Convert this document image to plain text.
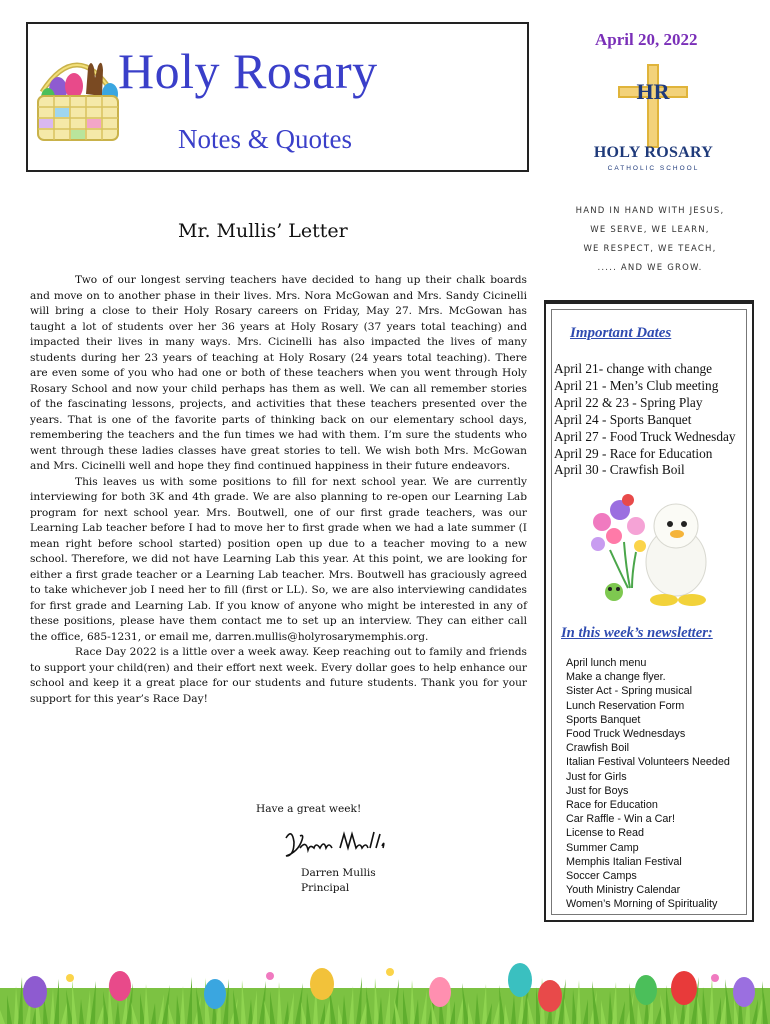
Holy Rosary
Notes & Quotes
April 20, 2022
HR
HOLY ROSARY
CATHOLIC SCHOOL
HAND IN HAND WITH JESUS,
WE SERVE, WE LEARN,
WE RESPECT, WE TEACH,
..... AND WE GROW.
Mr. Mullis’ Letter

Two of our longest serving teachers have decided to hang up their chalk boards and move on to another phase in their lives. Mrs. Nora McGowan and Mrs. Sandy Cicinelli will bring a close to their Holy Rosary careers on Friday, May 27. Mrs. McGowan has taught a lot of students over her 36 years at Holy Rosary (37 years total teaching) and impacted their lives in many ways. Mrs. Cicinelli has also impacted the lives of many students during her 23 years of teaching at Holy Rosary (24 years total teaching). There are even some of you who had one or both of these teachers when you went through Holy Rosary School and now your child perhaps has them as well. We can all remember stories of the fascinating lessons, projects, and activities that these teachers presented over the years. That is one of the favorite parts of thinking back on our elementary school days, remembering the teachers and the fun times we had with them. I’m sure the students who went through these ladies classes have great stories to tell. We wish both Mrs. McGowan and Mrs. Cicinelli well and hope they find continued happiness in their future endeavors.

This leaves us with some positions to fill for next school year. We are currently interviewing for both 3K and 4th grade. We are also planning to re-open our Learning Lab program for next school year. Mrs. Boutwell, one of our first grade teachers, was our Learning Lab teacher before I had to move her to first grade when we had a late summer (I mean right before school started) position open up due to a teacher moving to a new school. Therefore, we did not have Learning Lab this year. At this point, we are looking for either a first grade teacher or a Learning Lab teacher. Mrs. Boutwell has graciously agreed to take whichever job I need her to fill (first or LL). So, we are also interviewing candidates for first grade and Learning Lab. If you know of anyone who might be interested in any of these positions, please have them contact me to set up an interview. They can either call the office, 685-1231, or email me, darren.mullis@holyrosarymemphis.org.

Race Day 2022 is a little over a week away. Keep reaching out to family and friends to support your child(ren) and their effort next week. Every dollar goes to help enhance our school and keep it a great place for our students and future students. Thank you for your support for this year’s Race Day!

Have a great week!
Darren Mullis
Principal
Important Dates
April 21- change with change
April 21 - Men’s Club meeting
April 22 & 23 - Spring Play
April 24 - Sports Banquet
April 27 - Food Truck Wednesday
April 29 - Race for Education
April 30 - Crawfish Boil
In this week’s newsletter:
April lunch menu
Make a change flyer.
Sister Act - Spring musical
Lunch Reservation Form
Sports Banquet
Food Truck Wednesdays
Crawfish Boil
Italian Festival Volunteers Needed
Just for Girls
Just for Boys
Race for Education
Car Raffle - Win a Car!
License to Read
Summer Camp
Memphis Italian Festival
Soccer Camps
Youth Ministry Calendar
Women’s Morning of Spirituality
